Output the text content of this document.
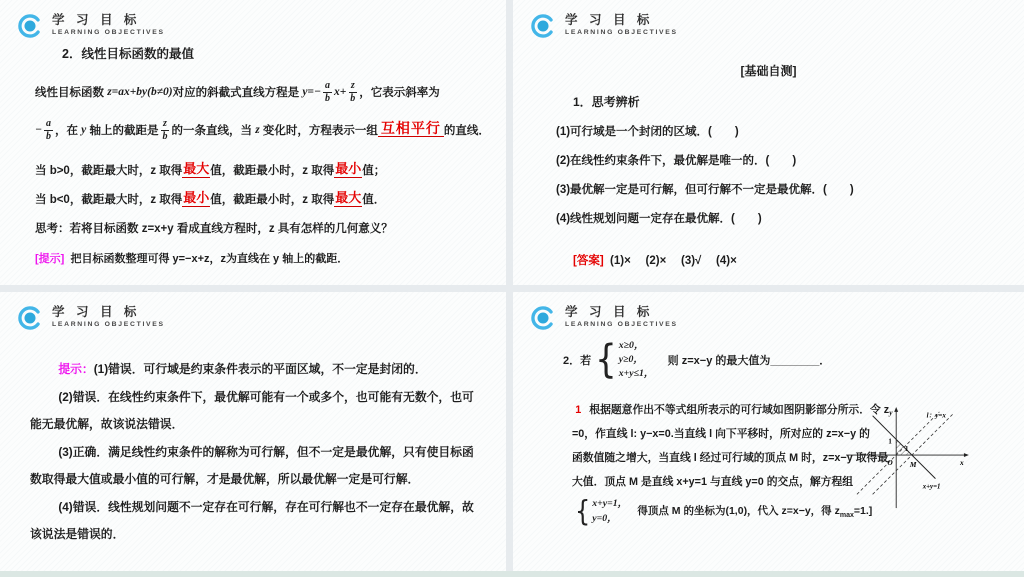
学 习 目 标
LEARNING OBJECTIVES
2．线性目标函数的最值
线性目标函数 z=ax+by(b≠0) 对应的斜截式直线方程是 $y=- \frac{a}{b} x+ \frac{z}{b}$ ，它表示斜率为
− $\frac{a}{b}$ ，在 y 轴上的截距是 $\frac{z}{b}$ 的一条直线，当 z 变化时，方程表示一组 互相平行 的直线．
当 b>0，截距最大时，z 取得最大值，截距最小时，z 取得最小值；
当 b<0，截距最大时，z 取得最小值，截距最小时，z 取得最大值．
思考：若将目标函数 z=x+y 看成直线方程时，z 具有怎样的几何意义？
[提示]  把目标函数整理可得 y=−x+z，z为直线在 y 轴上的截距．
学 习 目 标
LEARNING OBJECTIVES
[基础自测]
1．思考辨析
(1)可行域是一个封闭的区域．(　　)
(2)在线性约束条件下，最优解是唯一的．(　　)
(3)最优解一定是可行解，但可行解不一定是最优解．(　　)
(4)线性规划问题一定存在最优解．(　　)
[答案]  (1)×　 (2)×　 (3)√　 (4)×
学 习 目 标
LEARNING OBJECTIVES

提示：(1)错误．可行域是约束条件表示的平面区域，不一定是封闭的．

(2)错误．在线性约束条件下，最优解可能有一个或多个，也可能有无数个，也可能无最优解，故该说法错误．

(3)正确．满足线性约束条件的解称为可行解，但不一定是最优解，只有使目标函数取得最大值或最小值的可行解，才是最优解，所以最优解一定是可行解．

(4)错误．线性规划问题不一定存在可行解，存在可行解也不一定存在最优解，故该说法是错误的．

学 习 目 标
LEARNING OBJECTIVES
2．若 { x≥0，
y≥0，
x+y≤1，
则 z=x−y 的最大值为________．
1 根据题意作出不等式组所表示的可行域如图阴影部分所示．令 z
=0，作直线 l: y−x=0.当直线 l 向下平移时，所对应的 z=x−y 的
函数值随之增大，当直线 l 经过可行域的顶点 M 时，z=x−y 取得最
大值．顶点 M 是直线 x+y=1 与直线 y=0 的交点，解方程组
{ x+y=1，
y=0，
得顶点 M 的坐标为(1,0)，代入 z=x−y，得 $z_{max}=1$.]
y
x
l：y=x
x+y=1
O M
1
1
